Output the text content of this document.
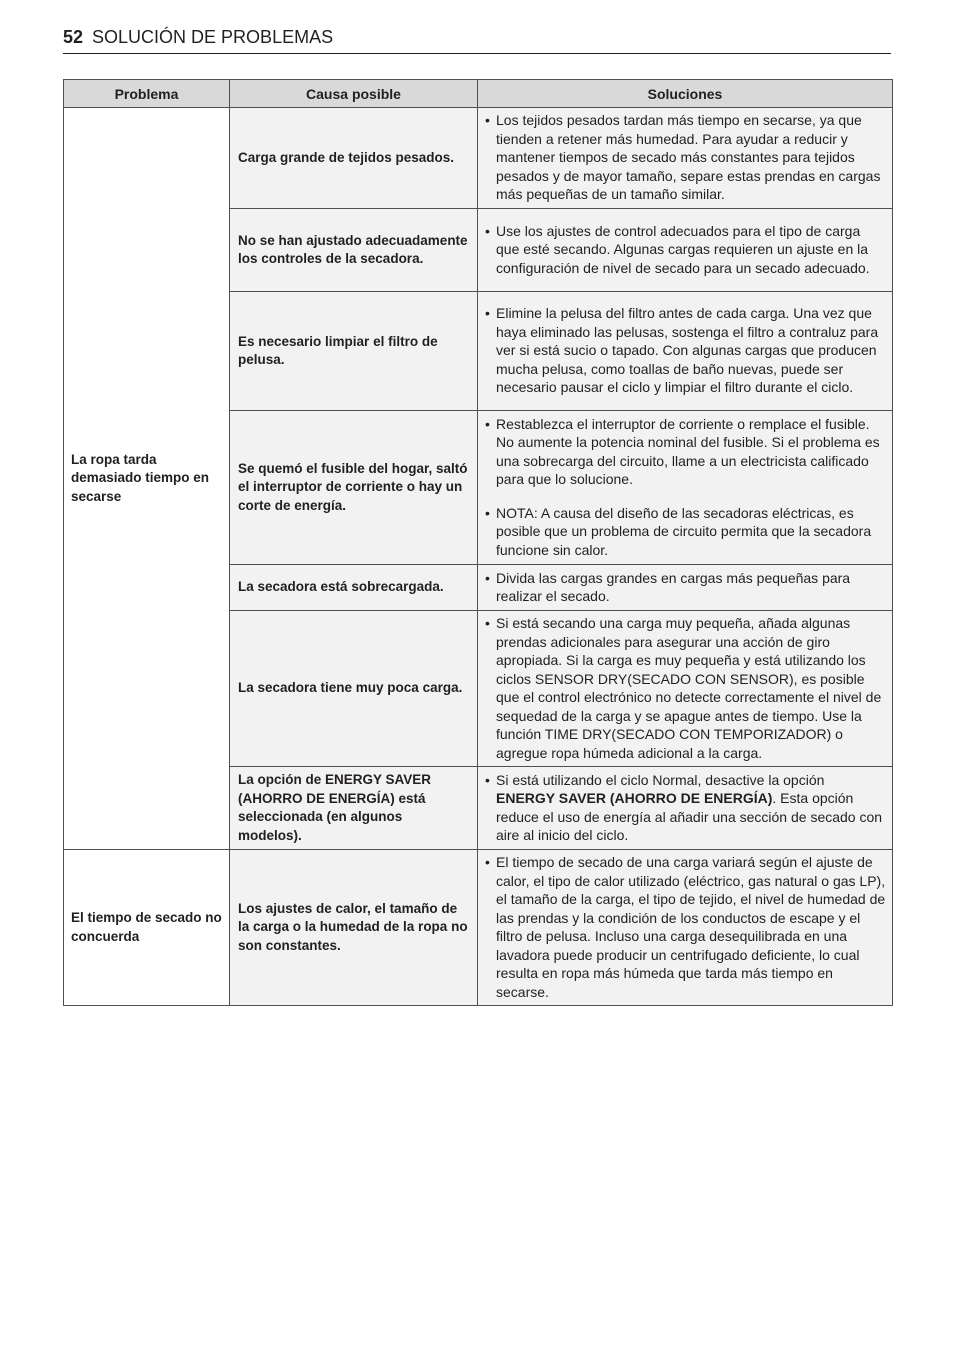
52 SOLUCIÓN DE PROBLEMAS
Problema	Causa posible	Soluciones
La ropa tarda demasiado tiempo en secarse	Carga grande de tejidos pesados.	• Los tejidos pesados tardan más tiempo en secarse, ya que tienden a retener más humedad. Para ayudar a reducir y mantener tiempos de secado más constantes para tejidos pesados y de mayor tamaño, separe estas prendas en cargas más pequeñas de un tamaño similar.

	No se han ajustado adecuadamente los controles de la secadora.	• Use los ajustes de control adecuados para el tipo de carga que esté secando. Algunas cargas requieren un ajuste en la configuración de nivel de secado para un secado adecuado.

	Es necesario limpiar el filtro de pelusa.	• Elimine la pelusa del filtro antes de cada carga. Una vez que haya eliminado las pelusas, sostenga el filtro a contraluz para ver si está sucio o tapado. Con algunas cargas que producen mucha pelusa, como toallas de baño nuevas, puede ser necesario pausar el ciclo y limpiar el filtro durante el ciclo.

	Se quemó el fusible del hogar, saltó el interruptor de corriente o hay un corte de energía.	• Restablezca el interruptor de corriente o remplace el fusible. No aumente la potencia nominal del fusible. Si el problema es una sobrecarga del circuito, llame a un electricista calificado para que lo solucione.
• NOTA: A causa del diseño de las secadoras eléctricas, es posible que un problema de circuito permita que la secadora funcione sin calor.

	La secadora está sobrecargada.	• Divida las cargas grandes en cargas más pequeñas para realizar el secado.

	La secadora tiene muy poca carga.	• Si está secando una carga muy pequeña, añada algunas prendas adicionales para asegurar una acción de giro apropiada. Si la carga es muy pequeña y está utilizando los ciclos SENSOR DRY(SECADO CON SENSOR), es posible que el control electrónico no detecte correctamente el nivel de sequedad de la carga y se apague antes de tiempo. Use la función TIME DRY(SECADO CON TEMPORIZADOR) o agregue ropa húmeda adicional a la carga.

	La opción de ENERGY SAVER (AHORRO DE ENERGÍA) está seleccionada (en algunos modelos).	• Si está utilizando el ciclo Normal, desactive la opción ENERGY SAVER (AHORRO DE ENERGÍA). Esta opción reduce el uso de energía al añadir una sección de secado con aire al inicio del ciclo.

El tiempo de secado no concuerda	Los ajustes de calor, el tamaño de la carga o la humedad de la ropa no son constantes.	• El tiempo de secado de una carga variará según el ajuste de calor, el tipo de calor utilizado (eléctrico, gas natural o gas LP), el tamaño de la carga, el tipo de tejido, el nivel de humedad de las prendas y la condición de los conductos de escape y el filtro de pelusa. Incluso una carga desequilibrada en una lavadora puede producir un centrifugado deficiente, lo cual resulta en ropa más húmeda que tarda más tiempo en secarse.
